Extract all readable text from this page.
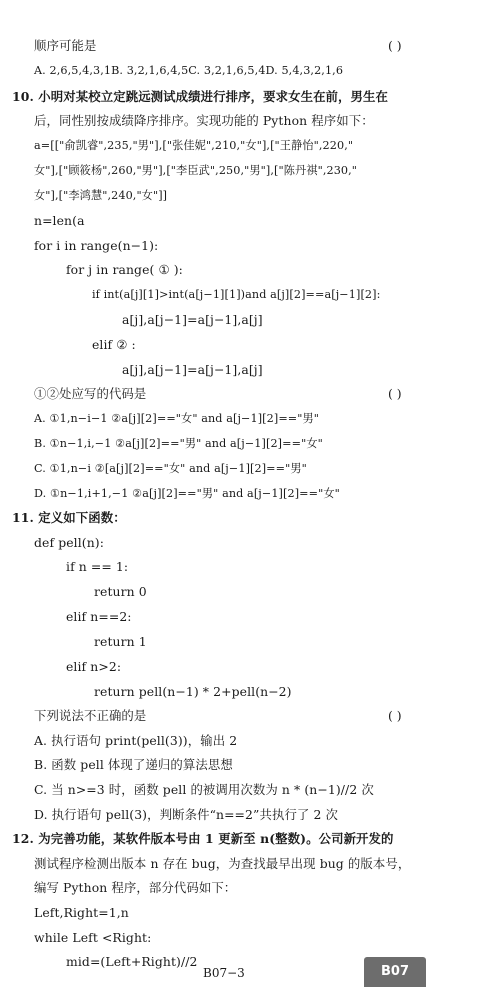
顺序可能是
A. 2,6,5,4,3,1B. 3,2,1,6,4,5C. 3,2,1,6,5,4D. 5,4,3,2,1,6
10. 小明对某校立定跳远测试成绩进行排序，要求女生在前，男生在
后，同性别按成绩降序排序。实现功能的 Python 程序如下：
a=[["俞凯睿",235,"男"],["张佳妮",210,"女"],["王静怡",220,"
女"],["顾筱杨",260,"男"],["李臣武",250,"男"],["陈丹祺",230,"
女"],["李鸿慧",240,"女"]]
n=len(a
for i in range(n−1):
for j in range( ① ):
if int(a[j][1]>int(a[j−1][1])and a[j][2]==a[j−1][2]:
a[j],a[j−1]=a[j−1],a[j]
elif ② :
a[j],a[j−1]=a[j−1],a[j]
①②处应写的代码是
A. ①1,n−i−1 ②a[j][2]=="女" and a[j−1][2]=="男"
B. ①n−1,i,−1 ②a[j][2]=="男" and a[j−1][2]=="女"
C. ①1,n−i ②[a[j][2]=="女" and a[j−1][2]=="男"
D. ①n−1,i+1,−1 ②a[j][2]=="男" and a[j−1][2]=="女"
11. 定义如下函数：
def pell(n):
if n == 1:
return 0
elif n==2:
return 1
elif n>2:
return pell(n−1) * 2+pell(n−2)
下列说法不正确的是
A. 执行语句 print(pell(3))，输出 2
B. 函数 pell 体现了递归的算法思想
C. 当 n>=3 时，函数 pell 的被调用次数为 n * (n−1)//2 次
D. 执行语句 pell(3)，判断条件“n==2”共执行了 2 次
12. 为完善功能，某软件版本号由 1 更新至 n(整数)。公司新开发的
测试程序检测出版本 n 存在 bug，为查找最早出现 bug 的版本号，
编写 Python 程序，部分代码如下：
Left,Right=1,n
while Left <Right:
mid=(Left+Right)//2
( )
( )
( )
B07−3	B07
